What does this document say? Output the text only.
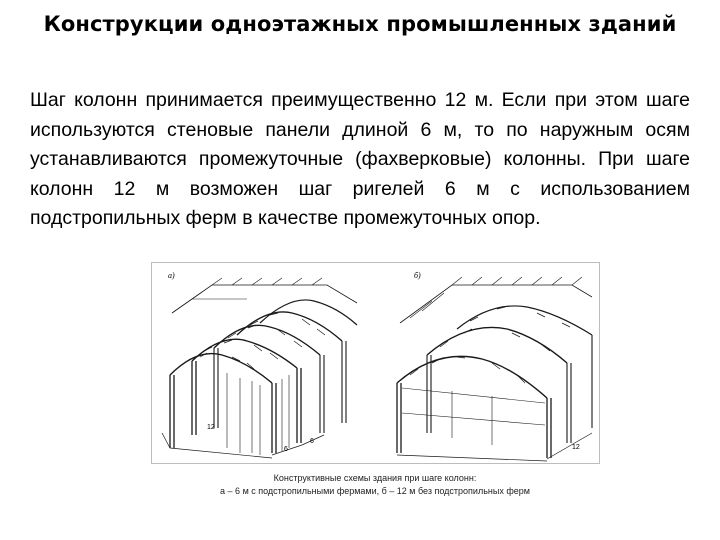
Конструкции одноэтажных промышленных зданий
Шаг колонн принимается преимущественно 12 м. Если при этом шаге используются стеновые панели длиной 6 м, то по наружным осям устанавливаются промежуточные (фахверковые) колонны. При шаге колонн 12 м возможен шаг ригелей 6 м с использованием подстропильных ферм в качестве промежуточных опор.
а)
12
6
6
б)
12
Конструктивные схемы здания при шаге колонн:
а – 6 м с подстропильными фермами, б – 12 м без подстропильных ферм
